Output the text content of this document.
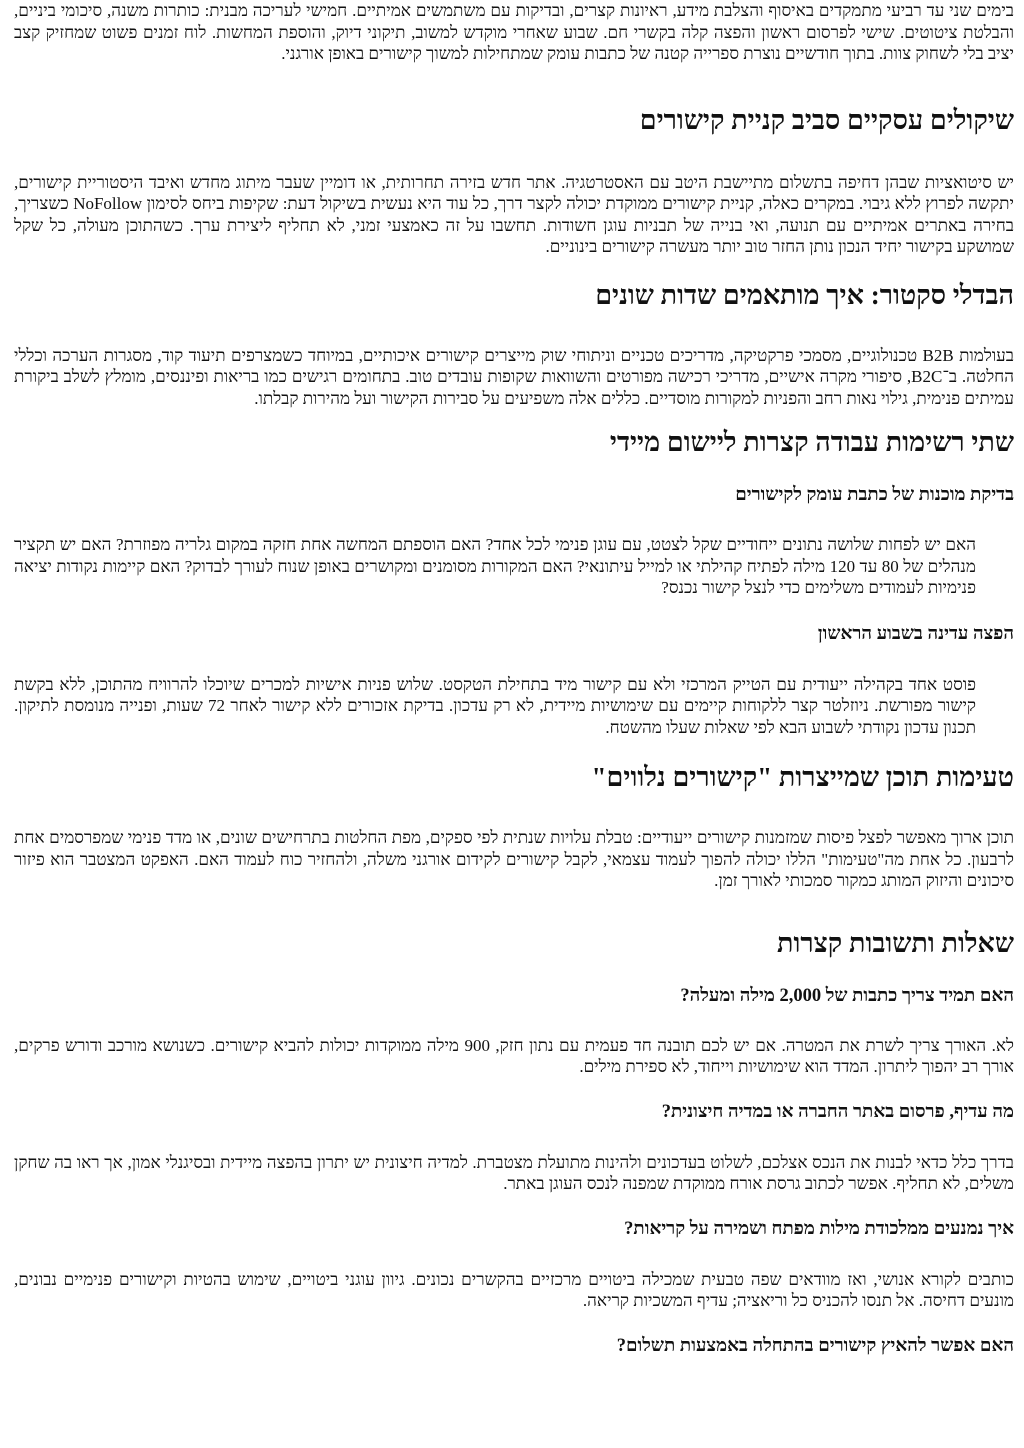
בימים שני עד רביעי מתמקדים באיסוף והצלבת מידע, ראיונות קצרים, ובדיקות עם משתמשים אמיתיים. חמישי לעריכה מבנית: כותרות משנה, סיכומי ביניים, והבלטת ציטוטים. שישי לפרסום ראשון והפצה קלה בקשרי חם. שבוע שאחרי מוקדש למשוב, תיקוני דיוק, והוספת המחשות. לוח זמנים פשוט שמחזיק קצב יציב בלי לשחוק צוות. בתוך חודשיים נוצרת ספרייה קטנה של כתבות עומק שמתחילות למשוך קישורים באופן אורגני.

שיקולים עסקיים סביב קניית קישורים

יש סיטואציות שבהן דחיפה בתשלום מתיישבת היטב עם האסטרטגיה. אתר חדש בזירה תחרותית, או דומיין שעבר מיתוג מחדש ואיבד היסטוריית קישורים, יתקשה לפרוץ ללא גיבוי. במקרים כאלה, קניית קישורים ממוקדת יכולה לקצר דרך, כל עוד היא נעשית בשיקול דעת: שקיפות ביחס לסימון NoFollow כשצריך, בחירה באתרים אמיתיים עם תנועה, ואי בנייה של תבניות עוגן חשודות. תחשבו על זה כאמצעי זמני, לא תחליף ליצירת ערך. כשהתוכן מעולה, כל שקל שמושקע בקישור יחיד הנכון נותן החזר טוב יותר מעשרה קישורים בינוניים.

הבדלי סקטור: איך מותאמים שדות שונים

בעולמות B2B טכנולוגיים, מסמכי פרקטיקה, מדריכים טכניים וניתוחי שוק מייצרים קישורים איכותיים, במיוחד כשמצרפים תיעוד קוד, מסגרות הערכה וכללי החלטה. ב־B2C, סיפורי מקרה אישיים, מדריכי רכישה מפורטים והשוואות שקופות עובדים טוב. בתחומים רגישים כמו בריאות ופיננסים, מומלץ לשלב ביקורת עמיתים פנימית, גילוי נאות רחב והפניות למקורות מוסדיים. כללים אלה משפיעים על סבירות הקישור ועל מהירות קבלתו.

שתי רשימות עבודה קצרות ליישום מיידי
בדיקת מוכנות של כתבת עומק לקישורים

האם יש לפחות שלושה נתונים ייחודיים שקל לצטט, עם עוגן פנימי לכל אחד? האם הוספתם המחשה אחת חזקה במקום גלריה מפוזרת? האם יש תקציר מנהלים של 80 עד 120 מילה לפתיח קהילתי או למייל עיתונאי? האם המקורות מסומנים ומקושרים באופן שנוח לעורך לבדוק? האם קיימות נקודות יציאה פנימיות לעמודים משלימים כדי לנצל קישור נכנס?

הפצה עדינה בשבוע הראשון

פוסט אחד בקהילה ייעודית עם הטייק המרכזי ולא עם קישור מיד בתחילת הטקסט. שלוש פניות אישיות למכרים שיוכלו להרוויח מהתוכן, ללא בקשת קישור מפורשת. ניוזלטר קצר ללקוחות קיימים עם שימושיות מיידית, לא רק עדכון. בדיקת אזכורים ללא קישור לאחר 72 שעות, ופנייה מנומסת לתיקון. תכנון עדכון נקודתי לשבוע הבא לפי שאלות שעלו מהשטח.

טעימות תוכן שמייצרות "קישורים נלווים"

תוכן ארוך מאפשר לפצל פיסות שמזמנות קישורים ייעודיים: טבלת עלויות שנתית לפי ספקים, מפת החלטות בתרחישים שונים, או מדד פנימי שמפרסמים אחת לרבעון. כל אחת מה"טעימות" הללו יכולה להפוך לעמוד עצמאי, לקבל קישורים לקידום אורגני משלה, ולהחזיר כוח לעמוד האם. האפקט המצטבר הוא פיזור סיכונים והיזוק המותג כמקור סמכותי לאורך זמן.

שאלות ותשובות קצרות
האם תמיד צריך כתבות של 2,000 מילה ומעלה?

לא. האורך צריך לשרת את המטרה. אם יש לכם תובנה חד פעמית עם נתון חזק, 900 מילה ממוקדות יכולות להביא קישורים. כשנושא מורכב ודורש פרקים, אורך רב יהפוך ליתרון. המדד הוא שימושיות וייחוד, לא ספירת מילים.

מה עדיף, פרסום באתר החברה או במדיה חיצונית?

בדרך כלל כדאי לבנות את הנכס אצלכם, לשלוט בעדכונים ולהינות מתועלת מצטברת. למדיה חיצונית יש יתרון בהפצה מיידית ובסיגנלי אמון, אך ראו בה שחקן משלים, לא תחליף. אפשר לכתוב גרסת אורח ממוקדת שמפנה לנכס העוגן באתר.

איך נמנעים ממלכודת מילות מפתח ושמירה על קריאות?

כותבים לקורא אנושי, ואז מוודאים שפה טבעית שמכילה ביטויים מרכזיים בהקשרים נכונים. גיוון עוגני ביטויים, שימוש בהטיות וקישורים פנימיים נבונים, מונעים דחיסה. אל תנסו להכניס כל וריאציה; עדיף המשכיות קריאה.

האם אפשר להאיץ קישורים בהתחלה באמצעות תשלום?
